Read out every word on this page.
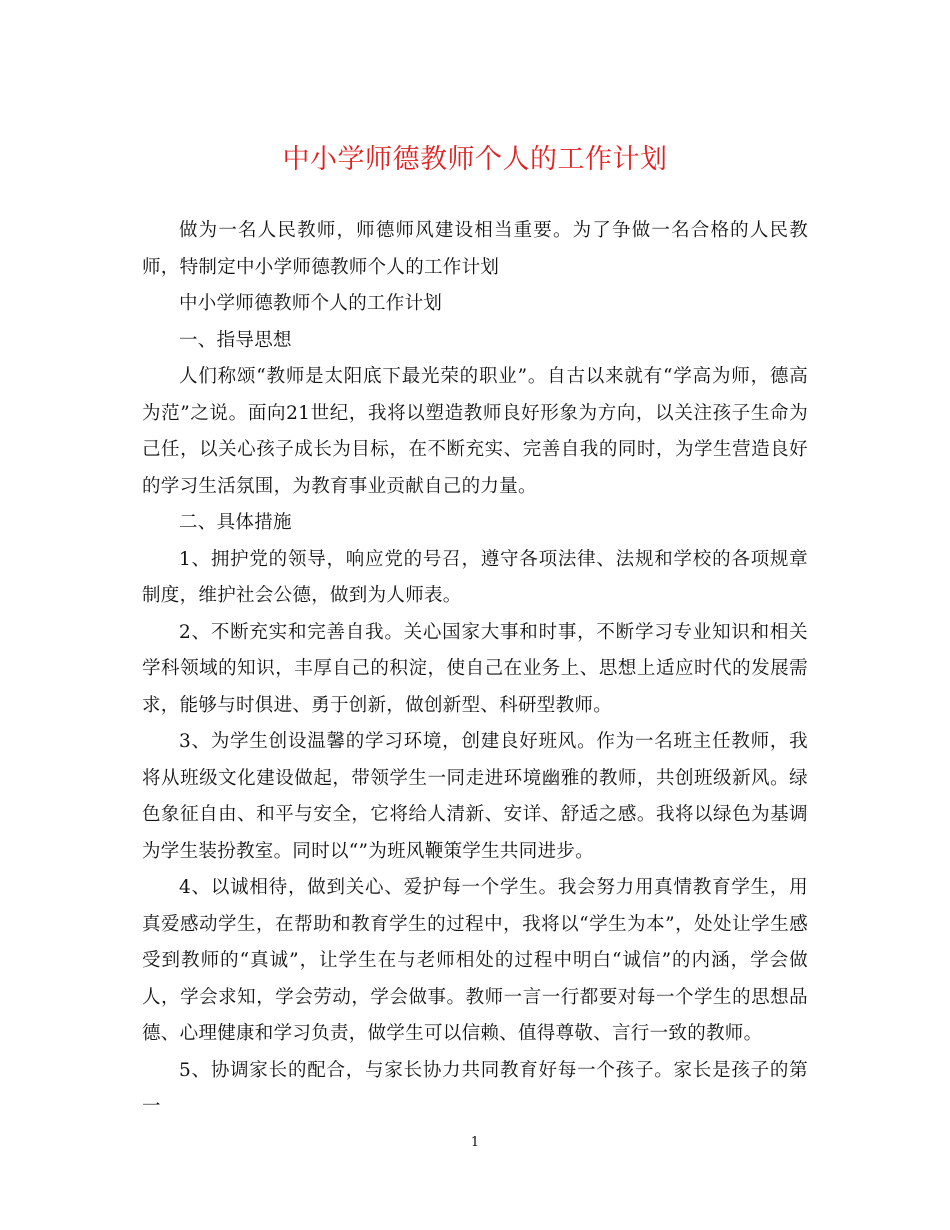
中小学师德教师个人的工作计划

做为一名人民教师，师德师风建设相当重要。为了争做一名合格的人民教师，特制定中小学师德教师个人的工作计划

中小学师德教师个人的工作计划

一、指导思想

人们称颂“教师是太阳底下最光荣的职业”。自古以来就有“学高为师，德高为范”之说。面向21世纪，我将以塑造教师良好形象为方向，以关注孩子生命为己任，以关心孩子成长为目标，在不断充实、完善自我的同时，为学生营造良好的学习生活氛围，为教育事业贡献自己的力量。

二、具体措施

1、拥护党的领导，响应党的号召，遵守各项法律、法规和学校的各项规章制度，维护社会公德，做到为人师表。

2、不断充实和完善自我。关心国家大事和时事，不断学习专业知识和相关学科领域的知识，丰厚自己的积淀，使自己在业务上、思想上适应时代的发展需求，能够与时俱进、勇于创新，做创新型、科研型教师。

3、为学生创设温馨的学习环境，创建良好班风。作为一名班主任教师，我将从班级文化建设做起，带领学生一同走进环境幽雅的教师，共创班级新风。绿色象征自由、和平与安全，它将给人清新、安详、舒适之感。我将以绿色为基调为学生装扮教室。同时以“”为班风鞭策学生共同进步。

4、以诚相待，做到关心、爱护每一个学生。我会努力用真情教育学生，用真爱感动学生，在帮助和教育学生的过程中，我将以“学生为本”，处处让学生感受到教师的“真诚”，让学生在与老师相处的过程中明白“诚信”的内涵，学会做人，学会求知，学会劳动，学会做事。教师一言一行都要对每一个学生的思想品德、心理健康和学习负责，做学生可以信赖、值得尊敬、言行一致的教师。

5、协调家长的配合，与家长协力共同教育好每一个孩子。家长是孩子的第一

1
